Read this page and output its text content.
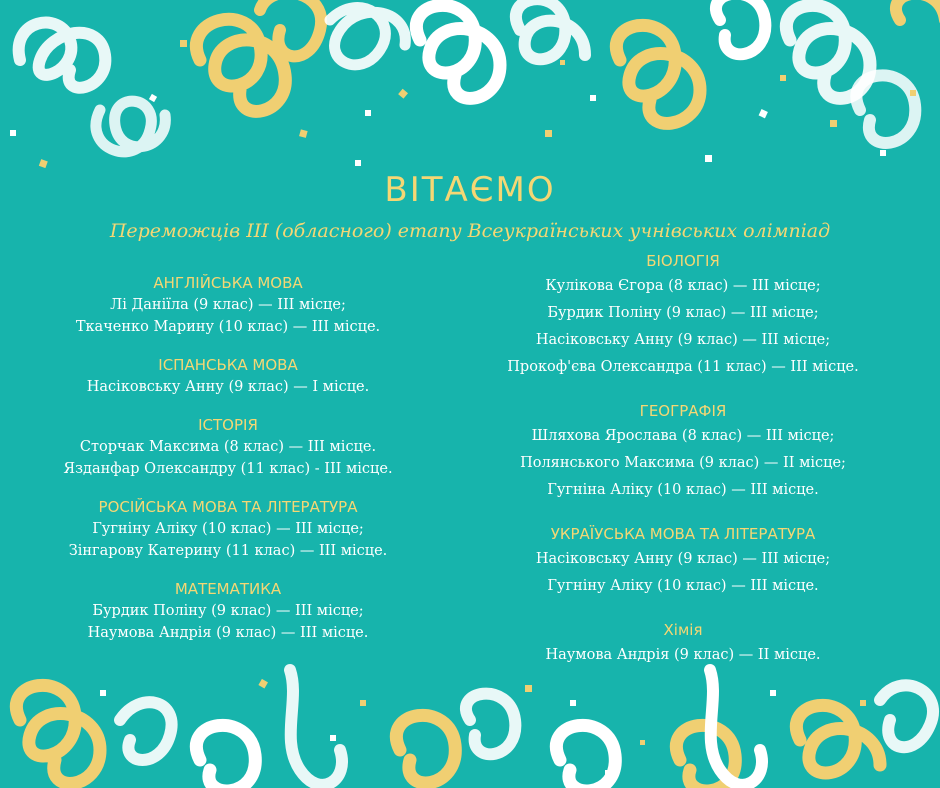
ВІТАЄМО
Переможців ІІІ (обласного) етапу Всеукраїнських учнівських олімпіад
АНГЛІЙСЬКА МОВА
Лі Даніїла (9 клас) — ІІІ місце;
Ткаченко Марину (10 клас) — ІІІ місце.
ІСПАНСЬКА МОВА
Насіковську Анну (9 клас) — І місце.
ІСТОРІЯ
Сторчак Максима (8 клас) — ІІІ місце.
Язданфар Олександру (11 клас) - ІІІ місце.
РОСІЙСЬКА МОВА ТА ЛІТЕРАТУРА
Гугніну Аліку (10 клас) — ІІІ місце;
Зінгарову Катерину (11 клас) — ІІІ місце.
МАТЕМАТИКА
Бурдик Поліну (9 клас) — ІІІ місце;
Наумова Андрія (9 клас) — ІІІ місце.
БІОЛОГІЯ
Кулікова Єгора (8 клас) — ІІІ місце;
Бурдик Поліну (9 клас) — ІІІ місце;
Насіковську Анну (9 клас) — ІІІ місце;
Прокоф'єва Олександра (11 клас) — ІІІ місце.
ГЕОГРАФІЯ
Шляхова Ярослава (8 клас) — ІІІ місце;
Полянського Максима (9 клас) — ІІ місце;
Гугніна Аліку (10 клас) — ІІІ місце.
УКРАЇУСЬКА МОВА ТА ЛІТЕРАТУРА
Насіковську Анну (9 клас) — ІІІ місце;
Гугніну Аліку (10 клас) — ІІІ місце.
Хімія
Наумова Андрія (9 клас) — ІІ місце.
